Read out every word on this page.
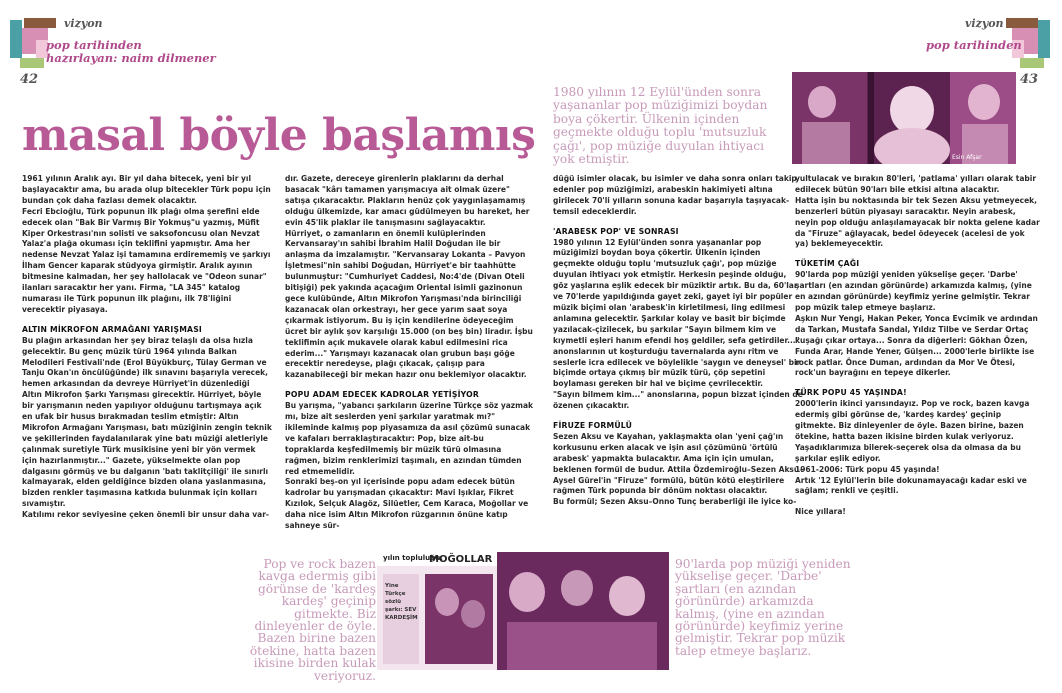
vizyon
pop tarihinden
hazırlayan: naim dilmener
42
vizyon
pop tarihinden
43
masal böyle başlamış
1980 yılının 12 Eylül'ünden sonra yaşananlar pop müziğimizi boydan boya çökertir. Ülkenin içinden geçmekte olduğu toplu 'mutsuzluk çağı', pop müziğe duyulan ihtiyacı yok etmiştir.	Esin Afşar

1961 yılının Aralık ayı. Bir yıl daha bitecek, yeni bir yıl başlayacaktır ama, bu arada olup bitecekler Türk popu için bundan çok daha fazlası demek olacaktır.

Fecri Ebcioğlu, Türk popunun ilk plağı olma şerefini elde edecek olan "Bak Bir Varmış Bir Yokmuş"u yazmış, Müfit Kiper Orkestrası'nın solisti ve saksofoncusu olan Nevzat Yalaz'a plağa okuması için teklifini yapmıştır. Ama her nedense Nevzat Yalaz işi tamamına erdirememiş ve şarkıyı İlham Gencer kaparak stüdyoya girmiştir. Aralık ayının bitmesine kalmadan, her şey hallolacak ve "Odeon sunar" ilanları saracaktır her yanı. Firma, "LA 345" katalog numarası ile Türk popunun ilk plağını, ilk 78'liğini verecektir piyasaya.

ALTIN MİKROFON ARMAĞANI YARIŞMASI

Bu plağın arkasından her şey biraz telaşlı da olsa hızla gelecektir. Bu genç müzik türü 1964 yılında Balkan Melodileri Festivali'nde (Erol Büyükburç, Tülay German ve Tanju Okan'ın öncülüğünde) ilk sınavını başarıyla verecek, hemen arkasından da devreye Hürriyet'in düzenlediği Altın Mikrofon Şarkı Yarışması girecektir. Hürriyet, böyle bir yarışmanın neden yapılıyor olduğunu tartışmaya açık en ufak bir husus bırakmadan teslim etmiştir: Altın Mikrofon Armağanı Yarışması, batı müziğinin zengin teknik ve şekillerinden faydalanılarak yine batı müziği aletleriyle çalınmak suretiyle Türk musikisine yeni bir yön vermek için hazırlanmıştır..." Gazete, yükselmekte olan pop dalgasını görmüş ve bu dalganın 'batı taklitçiliği' ile sınırlı kalmayarak, elden geldiğince bizden olana yaslanmasına, bizden renkler taşımasına katkıda bulunmak için kolları sıvamıştır.

Katılımı rekor seviyesine çeken önemli bir unsur daha var-

dır. Gazete, dereceye girenlerin plaklarını da derhal basacak "kârı tamamen yarışmacıya ait olmak üzere" satışa çıkaracaktır. Plakların henüz çok yaygınlaşamamış olduğu ülkemizde, kar amacı güdülmeyen bu hareket, her evin 45'lik plaklar ile tanışmasını sağlayacaktır.

Hürriyet, o zamanların en önemli kulüplerinden Kervansaray'ın sahibi İbrahim Halil Doğudan ile bir anlaşma da imzalamıştır. "Kervansaray Lokanta – Pavyon İşletmesi"nin sahibi Doğudan, Hürriyet'e bir taahhütte bulunmuştur: "Cumhuriyet Caddesi, No:4'de (Divan Oteli bitişiği) pek yakında açacağım Oriental isimli gazinonun gece kulübünde, Altın Mikrofon Yarışması'nda birinciliği kazanacak olan orkestrayı, her gece yarım saat soya çıkarmak istiyorum. Bu iş için kendilerine ödeyeceğim ücret bir aylık şov karşılığı 15.000 (on beş bin) liradır. İşbu teklifimin açık mukavele olarak kabul edilmesini rica ederim..." Yarışmayı kazanacak olan grubun başı göğe erecektir neredeyse, plağı çıkacak, çalışıp para kazanabileceği bir mekan hazır onu beklemiyor olacaktır.

POPU ADAM EDECEK KADROLAR YETİŞİYOR

Bu yarışma, "yabancı şarkıların üzerine Türkçe söz yazmak mı, bize ait seslerden yeni şarkılar yaratmak mı?" ikileminde kalmış pop piyasamıza da asıl çözümü sunacak ve kafaları berraklaştıracaktır: Pop, bize ait-bu topraklarda keşfedilmemiş bir müzik türü olmasına rağmen, bizim renklerimizi taşımalı, en azından tümden red etmemelidir.

Sonraki beş-on yıl içerisinde popu adam edecek bütün kadrolar bu yarışmadan çıkacaktır: Mavi Işıklar, Fikret Kızılok, Selçuk Alagöz, Silüetler, Cem Karaca, Moğollar ve daha nice isim Altın Mikrofon rüzgarının önüne katıp sahneye sür-

düğü isimler olacak, bu isimler ve daha sonra onları takip edenler pop müziğimizi, arabeskin hakimiyeti altına girilecek 70'li yılların sonuna kadar başarıyla taşıyacak-temsil edeceklerdir.

'ARABESK POP' VE SONRASI

1980 yılının 12 Eylül'ünden sonra yaşananlar pop müziğimizi boydan boya çökertir. Ülkenin içinden geçmekte olduğu toplu 'mutsuzluk çağı', pop müziğe duyulan ihtiyacı yok etmiştir. Herkesin peşinde olduğu, göz yaşlarına eşlik edecek bir müziktir artık. Bu da, 60'lar ve 70'lerde yapıldığında gayet zeki, gayet iyi bir popüler müzik biçimi olan 'arabesk'in kirletilmesi, ling edilmesi anlamına gelecektir. Şarkılar kolay ve basit bir biçimde yazılacak-çizilecek, bu şarkılar "Sayın bilmem kim ve kıymetli eşleri hanım efendi hoş geldiler, sefa getirdiler..." anonslarının ut koşturduğu tavernalarda aynı ritm ve seslerle icra edilecek ve böylelikle 'saygın ve deneysel' bir biçimde ortaya çıkmış bir müzik türü, çöp sepetini boylaması gereken bir hal ve biçime çevrilecektir.

"Sayın bilmem kim..." anonslarına, popun bizzat içinden de özenen çıkacaktır.

FİRUZE FORMÜLÜ

Sezen Aksu ve Kayahan, yaklaşmakta olan 'yeni çağ'ın korkusunu erken alacak ve işin asıl çözümünü 'örtülü arabesk' yapmakta bulacaktır. Ama için için umulan, beklenen formül de budur. Attila Özdemiroğlu–Sezen Aksu–Aysel Gürel'in "Firuze" formülü, bütün kötü eleştirilere rağmen Türk popunda bir dönüm noktası olacaktır.

Bu formül; Sezen Aksu–Onno Tunç beraberliği ile iyice ko-

yultulacak ve bırakın 80'leri, 'patlama' yılları olarak tabir edilecek bütün 90'ları bile etkisi altına alacaktır.

Hatta işin bu noktasında bir tek Sezen Aksu yetmeyecek, benzerleri bütün piyasayı saracaktır. Neyin arabesk, neyin pop olduğu anlaşılamayacak bir nokta gelene kadar da "Firuze" ağlayacak, bedel ödeyecek (acelesi de yok ya) beklemeyecektir.

TÜKETİM ÇAĞI

90'larda pop müziği yeniden yükselişe geçer. 'Darbe' şartları (en azından görünürde) arkamızda kalmış, (yine en azından görünürde) keyfimiz yerine gelmiştir. Tekrar pop müzik talep etmeye başlarız.

Aşkın Nur Yengi, Hakan Peker, Yonca Evcimik ve ardından da Tarkan, Mustafa Sandal, Yıldız Tilbe ve Serdar Ortaç kuşağı çıkar ortaya... Sonra da diğerleri: Gökhan Özen, Funda Arar, Hande Yener, Gülşen... 2000'lerle birlikte ise rock patlar. Önce Duman, ardından da Mor Ve Ötesi, rock'un bayrağını en tepeye dikerler.

TÜRK POPU 45 YAŞINDA!

2000'lerin ikinci yarısındayız. Pop ve rock, bazen kavga edermiş gibi görünse de, 'kardeş kardeş' geçinip gitmekte. Biz dinleyenler de öyle. Bazen birine, bazen ötekine, hatta bazen ikisine birden kulak veriyoruz. Yaşadıklarımıza bilerek-seçerek olsa da olmasa da bu şarkılar eşlik ediyor.

1961-2006: Türk popu 45 yaşında!

Artık '12 Eylül'lerin bile dokunamayacağı kadar eski ve sağlam; renkli ve çeşitli.

Nice yıllara!

Pop ve rock bazen kavga edermiş gibi görünse de 'kardeş kardeş' geçinip gitmekte. Biz dinleyenler de öyle. Bazen birine bazen ötekine, hatta bazen ikisine birden kulak veriyoruz.
yılın topluluğu:
MOĞOLLAR
Yine Türkçe sözlü şarkı: SEV KARDEŞİM
90'larda pop müziği yeniden yükselişe geçer. 'Darbe' şartları (en azından görünürde) arkamızda kalmış, (yine en azından görünürde) keyfimiz yerine gelmiştir. Tekrar pop müzik talep etmeye başlarız.
